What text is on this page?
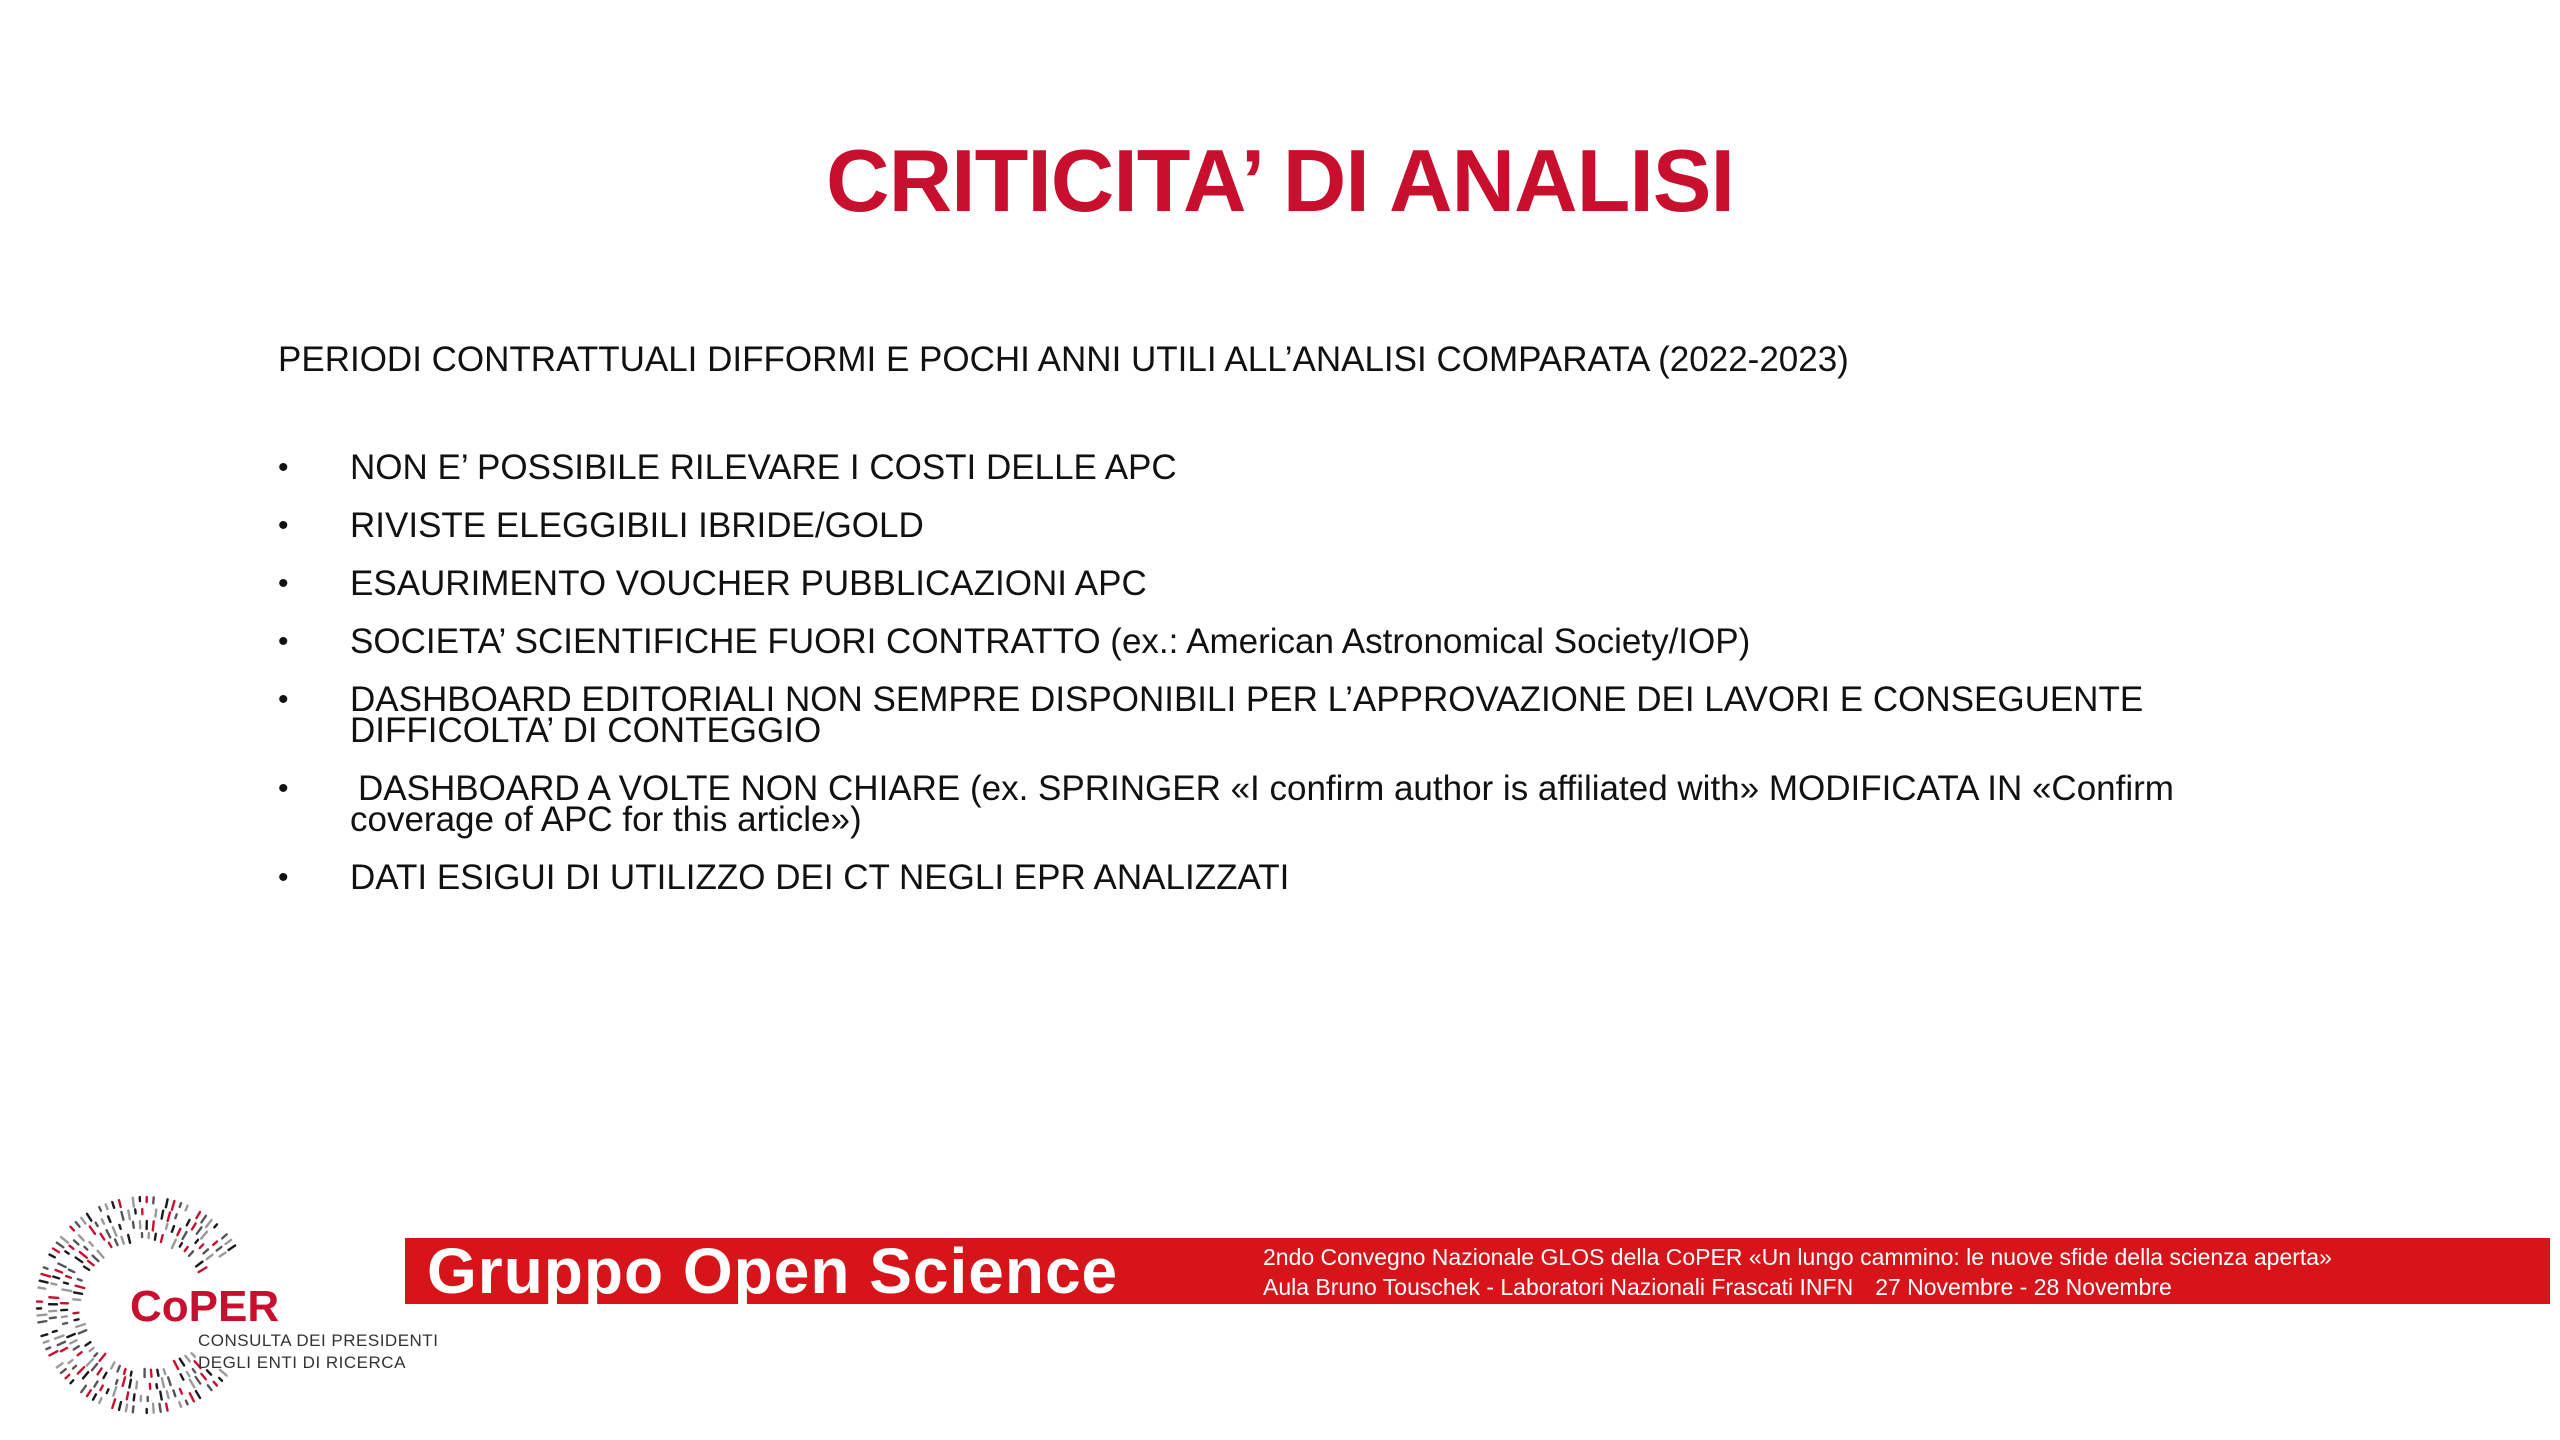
CRITICITA’ DI ANALISI

PERIODI CONTRATTUALI DIFFORMI E POCHI ANNI UTILI ALL’ANALISI COMPARATA (2022-2023)

• NON E’ POSSIBILE RILEVARE I COSTI DELLE APC
• RIVISTE ELEGGIBILI IBRIDE/GOLD
• ESAURIMENTO VOUCHER PUBBLICAZIONI APC
• SOCIETA’ SCIENTIFICHE FUORI CONTRATTO (ex.: American Astronomical Society/IOP)
• DASHBOARD EDITORIALI NON SEMPRE DISPONIBILI PER L’APPROVAZIONE DEI LAVORI E CONSEGUENTE DIFFICOLTA’ DI CONTEGGIO
• DASHBOARD A VOLTE NON CHIARE (ex. SPRINGER «I confirm author is affiliated with» MODIFICATA IN «Confirm coverage of APC for this article»)
• DATI ESIGUI DI UTILIZZO DEI CT NEGLI EPR ANALIZZATI
CoPER
CONSULTA DEI PRESIDENTI
DEGLI ENTI DI RICERCA
Gruppo Open Science	2ndo Convegno Nazionale GLOS della CoPER «Un lungo cammino: le nuove sfide della scienza aperta»
Aula Bruno Touschek - Laboratori Nazionali Frascati INFN 27 Novembre - 28 Novembre
